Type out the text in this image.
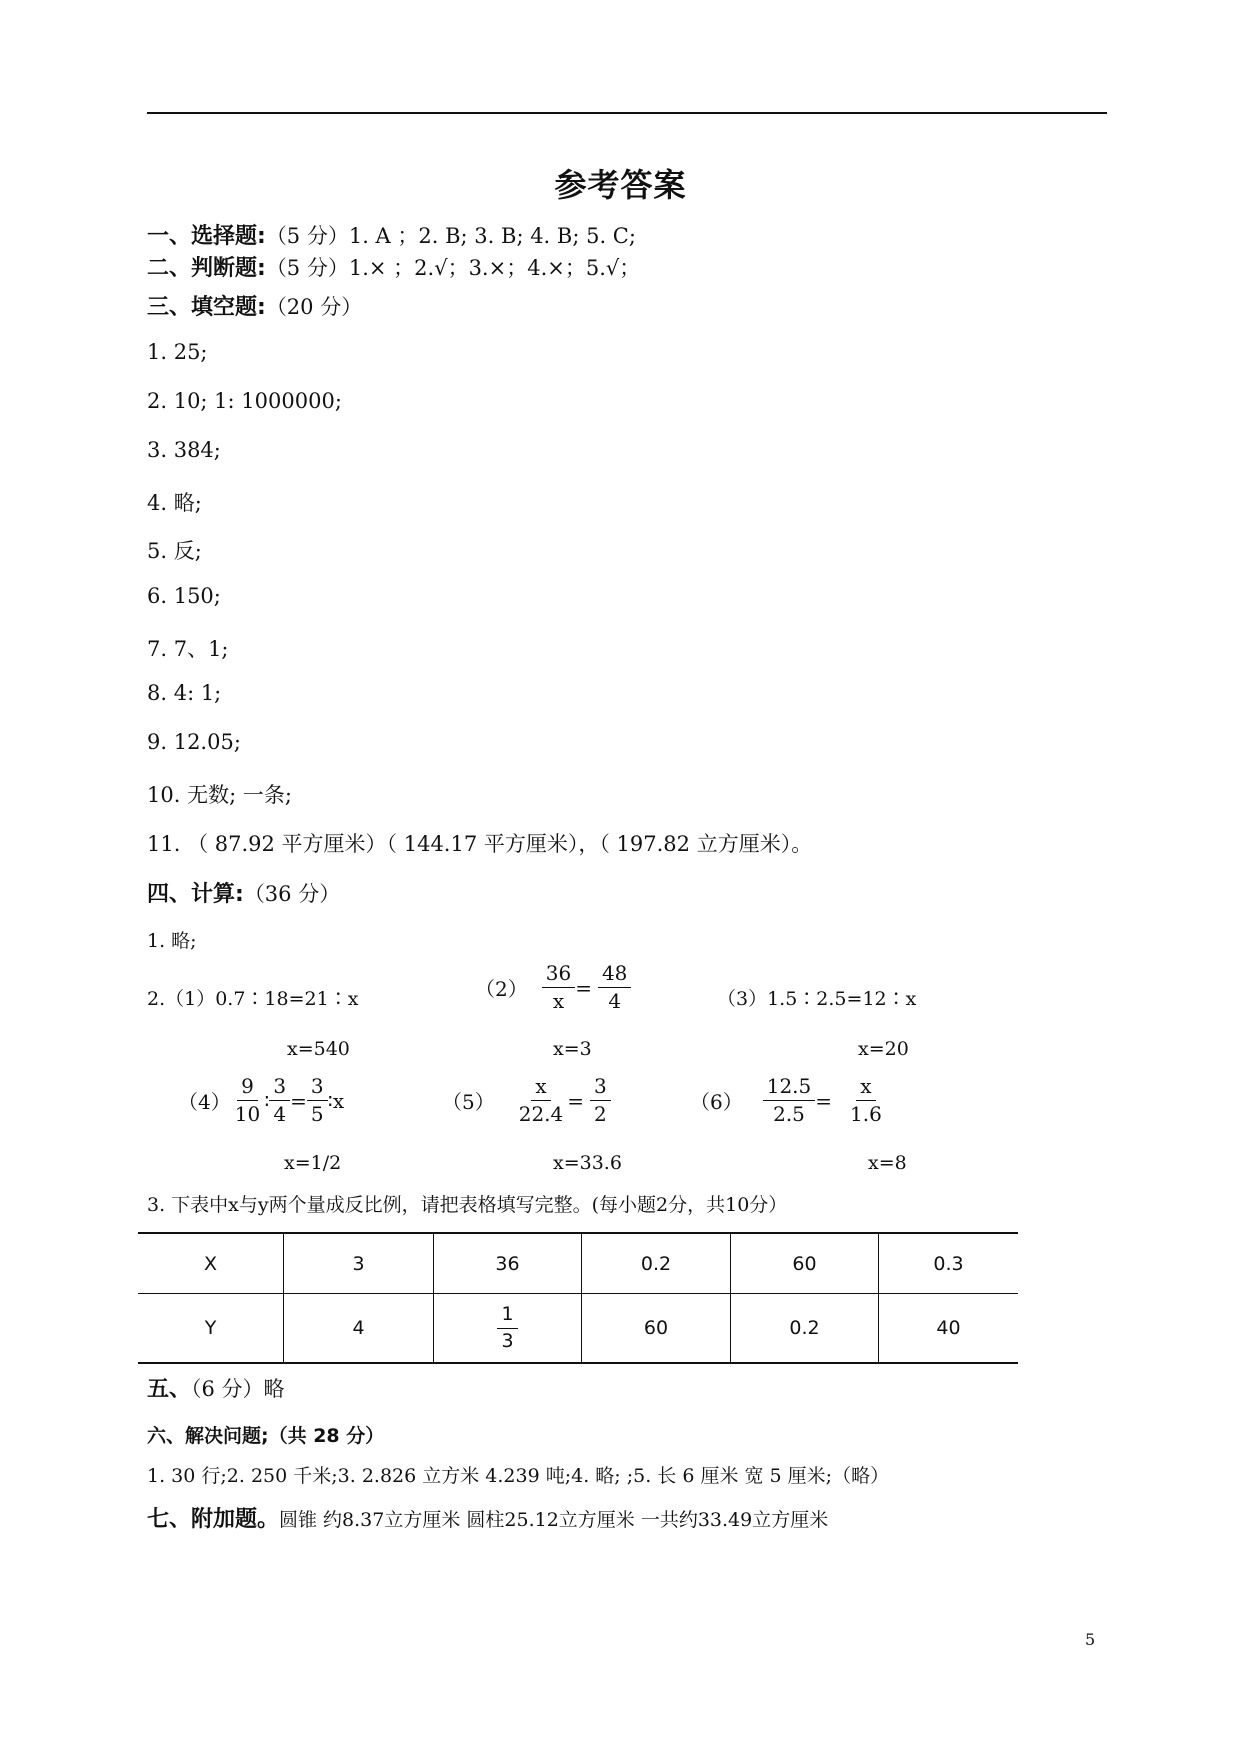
参考答案
一、选择题:（5 分）1. A ；2. B; 3. B; 4. B; 5. C;
二、判断题:（5 分）1.× ；2.√；3.×；4.×；5.√；
三、填空题:（20 分）
1. 25;
2. 10; 1: 1000000;
3. 384;
4. 略;
5. 反;
6. 150;
7. 7、1;
8. 4: 1;
9. 12.05;
10. 无数; 一条;
11. （ 87.92 平方厘米）（ 144.17 平方厘米），（ 197.82 立方厘米）。
四、计算:（36 分）
1. 略;
2.（1）0.7∶18=21∶x
x=540
$(2) \frac{36}{x} = \frac{48}{4}$
x=3
（3）1.5∶2.5=12∶x
x=20
$(4) \frac{9}{10}$ ∶ $\frac{3}{4} = \frac{3}{5}$ ∶x
x=1/2
$(5) \frac{x}{22.4} = \frac{3}{2}$
x=33.6
$(6) \frac{12.5}{2.5} = \frac{x}{1.6}$
x=8
3. 下表中x与y两个量成反比例，请把表格填写完整。(每小题2分，共10分）
X	3	36	0.2	60	0.3
Y	4	$\frac{1}{3}$	60	0.2	40
五、（6 分）略
六、解决问题;（共 28 分）
1. 30 行;2. 250 千米;3. 2.826 立方米 4.239 吨;4. 略; ;5. 长 6 厘米 宽 5 厘米;（略）
七、附加题。圆锥 约8.37立方厘米 圆柱25.12立方厘米 一共约33.49立方厘米
5
